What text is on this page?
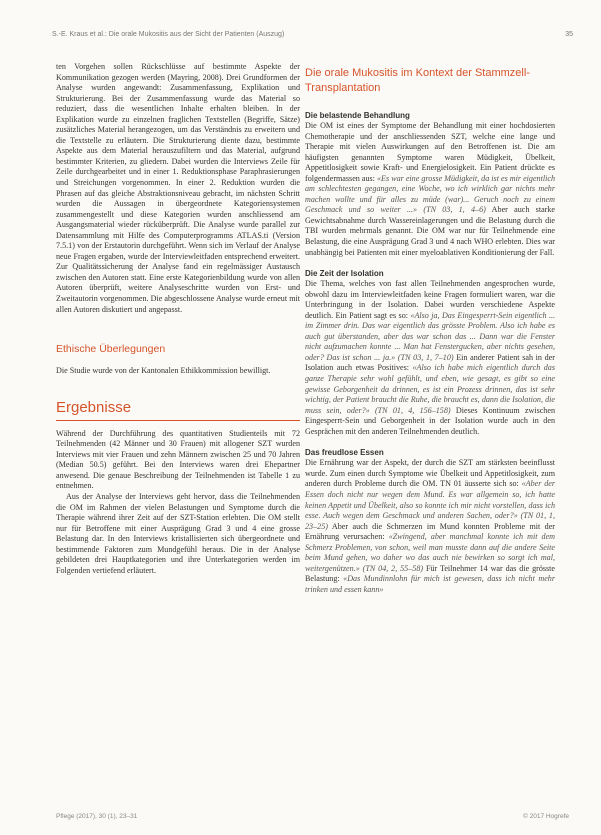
S.-E. Kraus et al.: Die orale Mukositis aus der Sicht der Patienten (Auszug)	35

ten Vorgehen sollen Rückschlüsse auf bestimmte Aspekte der Kommunikation gezogen werden (Mayring, 2008). Drei Grundformen der Analyse wurden angewandt: Zusammenfassung, Explikation und Strukturierung. Bei der Zusammenfassung wurde das Material so reduziert, dass die wesentlichen Inhalte erhalten bleiben. In der Explikation wurde zu einzelnen fraglichen Textstellen (Begriffe, Sätze) zusätzliches Material herangezogen, um das Verständnis zu erweitern und die Textstelle zu erläutern. Die Strukturierung diente dazu, bestimmte Aspekte aus dem Material herauszufiltern und das Material, aufgrund bestimmter Kriterien, zu gliedern. Dabei wurden die Interviews Zeile für Zeile durchgearbeitet und in einer 1. Reduktionsphase Paraphrasierungen und Streichungen vorgenommen. In einer 2. Reduktion wurden die Phrasen auf das gleiche Abstraktionsniveau gebracht, im nächsten Schritt wurden die Aussagen in übergeordnete Kategoriensystemen zusammengestellt und diese Kategorien wurden anschliessend am Ausgangsmaterial wieder rücküberprüft. Die Analyse wurde parallel zur Datensammlung mit Hilfe des Computerprogramms ATLAS.ti (Version 7.5.1) von der Erstautorin durchgeführt. Wenn sich im Verlauf der Analyse neue Fragen ergaben, wurde der Interviewleitfaden entsprechend erweitert. Zur Qualitätssicherung der Analyse fand ein regelmässiger Austausch zwischen den Autoren statt. Eine erste Kategorienbildung wurde von allen Autoren überprüft, weitere Analyseschritte wurden von Erst- und Zweitautorin vorgenommen. Die abgeschlossene Analyse wurde erneut mit allen Autoren diskutiert und angepasst.

Ethische Überlegungen

Die Studie wurde von der Kantonalen Ethikkommission bewilligt.

Ergebnisse

Während der Durchführung des quantitativen Studienteils mit 72 Teilnehmenden (42 Männer und 30 Frauen) mit allogener SZT wurden Interviews mit vier Frauen und zehn Männern zwischen 25 und 70 Jahren (Median 50.5) geführt. Bei den Interviews waren drei Ehepartner anwesend. Die genaue Beschreibung der Teilnehmenden ist Tabelle 1 zu entnehmen.

Aus der Analyse der Interviews geht hervor, dass die Teilnehmenden die OM im Rahmen der vielen Belastungen und Symptome durch die Therapie während ihrer Zeit auf der SZT-Station erlebten. Die OM stellt nur für Betroffene mit einer Ausprägung Grad 3 und 4 eine grosse Belastung dar. In den Interviews kristallisierten sich übergeordnete und bestimmende Faktoren zum Mundgefühl heraus. Die in der Analyse gebildeten drei Hauptkategorien und ihre Unterkategorien werden im Folgenden vertiefend erläutert.

Die orale Mukositis im Kontext der Stammzell-Transplantation
Die belastende Behandlung

Die OM ist eines der Symptome der Behandlung mit einer hochdosierten Chemotherapie und der anschliessenden SZT, welche eine lange und Therapie mit vielen Auswirkungen auf den Betroffenen ist. Die am häufigsten genannten Symptome waren Müdigkeit, Übelkeit, Appetitlosigkeit sowie Kraft- und Energielosigkeit. Ein Patient drückte es folgendermassen aus: «Es war eine grosse Müdigkeit, da ist es mir eigentlich am schlechtesten gegangen, eine Woche, wo ich wirklich gar nichts mehr machen wollte und für alles zu müde (war)... Geruch noch zu einem Geschmack und so weiter ...» (TN 03, 1, 4–6) Aber auch starke Gewichtsabnahme durch Wassereinlagerungen und die Belastung durch die TBI wurden mehrmals genannt. Die OM war nur für Teilnehmende eine Belastung, die eine Ausprägung Grad 3 und 4 nach WHO erlebten. Dies war unabhängig bei Patienten mit einer myeloablativen Konditionierung der Fall.

Die Zeit der Isolation

Die Thema, welches von fast allen Teilnehmenden angesprochen wurde, obwohl dazu im Interviewleitfaden keine Fragen formuliert waren, war die Unterbringung in der Isolation. Dabei wurden verschiedene Aspekte deutlich. Ein Patient sagt es so: «Also ja, Das Eingesperrt-Sein eigentlich ... im Zimmer drin. Das war eigentlich das grösste Problem. Also ich habe es auch gut überstanden, aber das war schon das ... Dann war die Fenster nicht aufzumachen konnte ... Man hat Fenstergucken, aber nichts gesehen, oder? Das ist schon ... ja.» (TN 03, 1, 7–10) Ein anderer Patient sah in der Isolation auch etwas Positives: «Also ich habe mich eigentlich durch das ganze Therapie sehr wohl gefühlt, und eben, wie gesagt, es gibt so eine gewisse Geborgenheit da drinnen, es ist ein Prozess drinnen, das ist sehr wichtig, der Patient braucht die Ruhe, die braucht es, dann die Isolation, die muss sein, oder?» (TN 01, 4, 156–158) Dieses Kontinuum zwischen Eingesperrt-Sein und Geborgenheit in der Isolation wurde auch in den Gesprächen mit den anderen Teilnehmenden deutlich.

Das freudlose Essen

Die Ernährung war der Aspekt, der durch die SZT am stärksten beeinflusst wurde. Zum einen durch Symptome wie Übelkeit und Appetitlosigkeit, zum anderen durch Probleme durch die OM. TN 01 äusserte sich so: «Aber der Essen doch nicht nur wegen dem Mund. Es war allgemein so, ich hatte keinen Appetit und Übelkeit, also so konnte ich mir nicht vorstellen, dass ich esse. Auch wegen dem Geschmack und anderen Sachen, oder?» (TN 01, 1, 23–25) Aber auch die Schmerzen im Mund konnten Probleme mit der Ernährung verursachen: «Zwingend, aber manchmal konnte ich mit dem Schmerz Problemen, von schon, weil man musste dann auf die andere Seite beim Mund gehen, wo daher wo das auch nie bewirken so sorgt ich mal, weitergenützen.» (TN 04, 2, 55–58) Für Teilnehmer 14 war das die grösste Belastung: «Das Mundinnlohn für mich ist gewesen, dass ich nicht mehr trinken und essen kann»

Pflege (2017), 30 (1), 23–31	© 2017 Hogrefe
